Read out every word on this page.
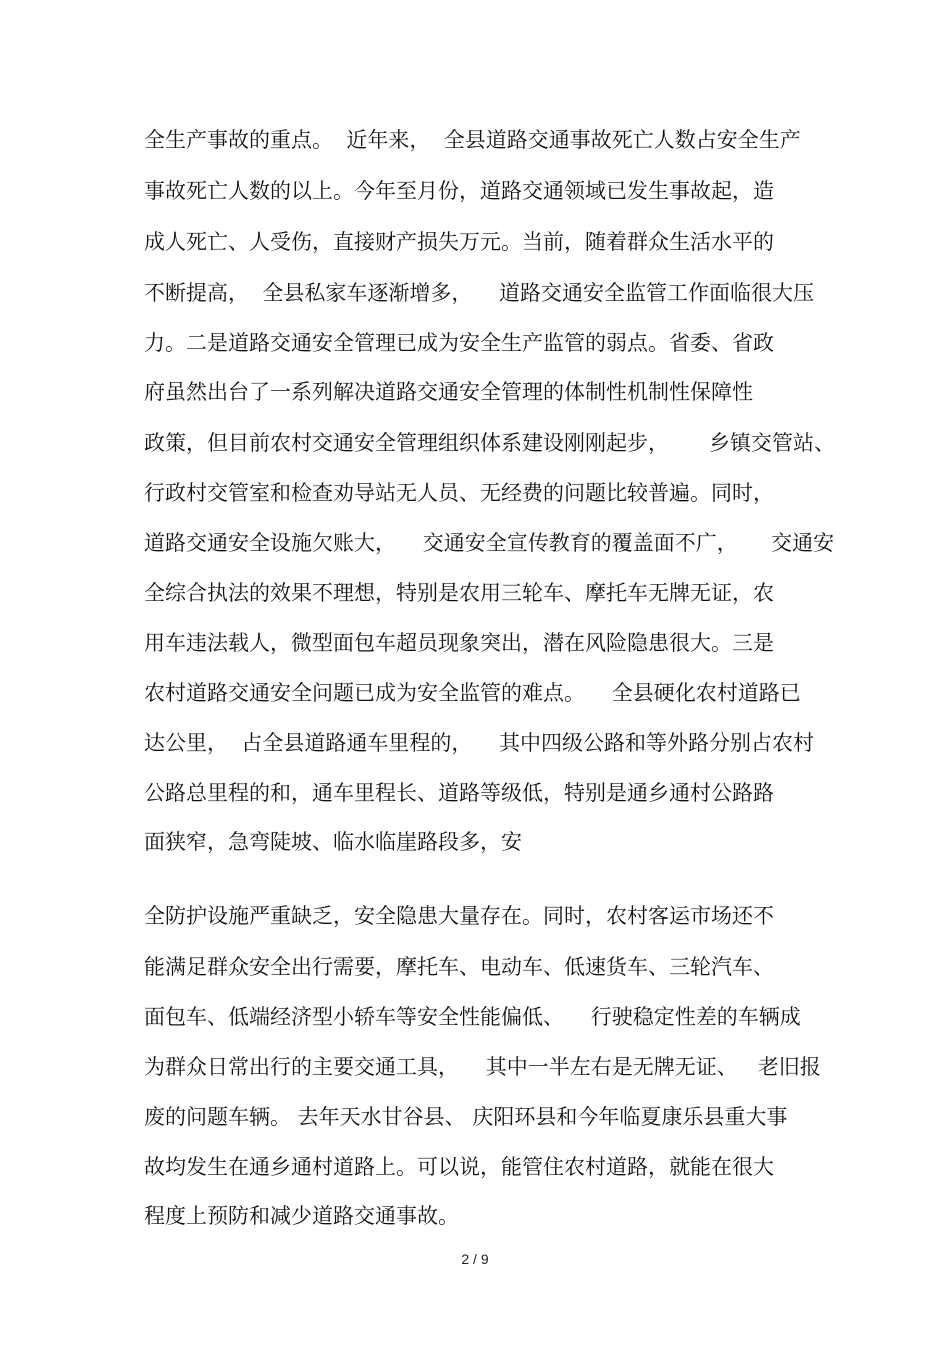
全生产事故的重点。  近年来，  全县道路交通事故死亡人数占安全生产
事故死亡人数的以上。今年至月份，道路交通领域已发生事故起，造
成人死亡、人受伤，直接财产损失万元。当前，随着群众生活水平的
不断提高，  全县私家车逐渐增多，    道路交通安全监管工作面临很大压
力。二是道路交通安全管理已成为安全生产监管的弱点。省委、省政
府虽然出台了一系列解决道路交通安全管理的体制性机制性保障性
政策，但目前农村交通安全管理组织体系建设刚刚起步，      乡镇交管站、
行政村交管室和检查劝导站无人员、无经费的问题比较普遍。同时，
道路交通安全设施欠账大，    交通安全宣传教育的覆盖面不广，     交通安
全综合执法的效果不理想，特别是农用三轮车、摩托车无牌无证，农
用车违法载人，微型面包车超员现象突出，潜在风险隐患很大。三是
农村道路交通安全问题已成为安全监管的难点。    全县硬化农村道路已
达公里，  占全县道路通车里程的，    其中四级公路和等外路分别占农村
公路总里程的和，通车里程长、道路等级低，特别是通乡通村公路路
面狭窄，急弯陡坡、临水临崖路段多，安
全防护设施严重缺乏，安全隐患大量存在。同时，农村客运市场还不
能满足群众安全出行需要，摩托车、电动车、低速货车、三轮汽车、
面包车、低端经济型小轿车等安全性能偏低、    行驶稳定性差的车辆成
为群众日常出行的主要交通工具，    其中一半左右是无牌无证、   老旧报
废的问题车辆。 去年天水甘谷县、 庆阳环县和今年临夏康乐县重大事
故均发生在通乡通村道路上。可以说，能管住农村道路，就能在很大
程度上预防和减少道路交通事故。
2 / 9
